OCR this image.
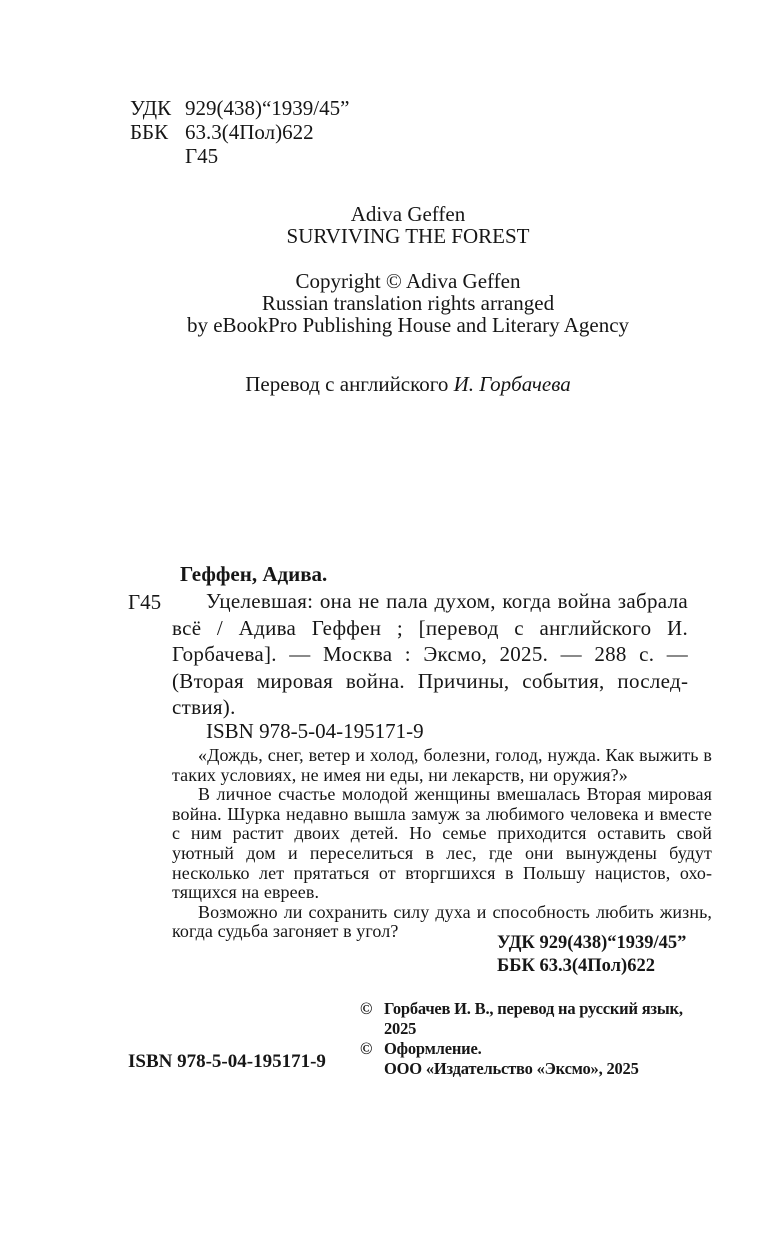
УДК 929(438)“1939/45”
ББК 63.3(4Пол)622
Г45
Adiva Geffen
SURVIVING THE FOREST
Copyright © Adiva Geffen
Russian translation rights arranged
by eBookPro Publishing House and Literary Agency
Перевод с английского И. Горбачева
Г45
Геффен, Адива.
Уцелевшая: она не пала духом, когда война забрала всё / Адива Геффен ; [перевод с английского И. Горбачева]. — Москва : Эксмо, 2025. — 288 с. — (Вторая мировая война. Причины, события, последствия).
ISBN 978-5-04-195171-9

«Дождь, снег, ветер и холод, болезни, голод, нужда. Как выжить в таких условиях, не имея ни еды, ни лекарств, ни оружия?»

В личное счастье молодой женщины вмешалась Вторая мировая война. Шурка недавно вышла замуж за любимого человека и вместе с ним растит двоих детей. Но семье приходится оставить свой уютный дом и переселиться в лес, где они вынуждены будут несколько лет прятаться от вторгшихся в Польшу нацистов, охотящихся на евреев.

Возможно ли сохранить силу духа и способность любить жизнь, когда судьба загоняет в угол?

УДК 929(438)“1939/45”
ББК 63.3(4Пол)622
© Горбачев И. В., перевод на русский язык,
2025
© Оформление.
ООО «Издательство «Эксмо», 2025
ISBN 978-5-04-195171-9
